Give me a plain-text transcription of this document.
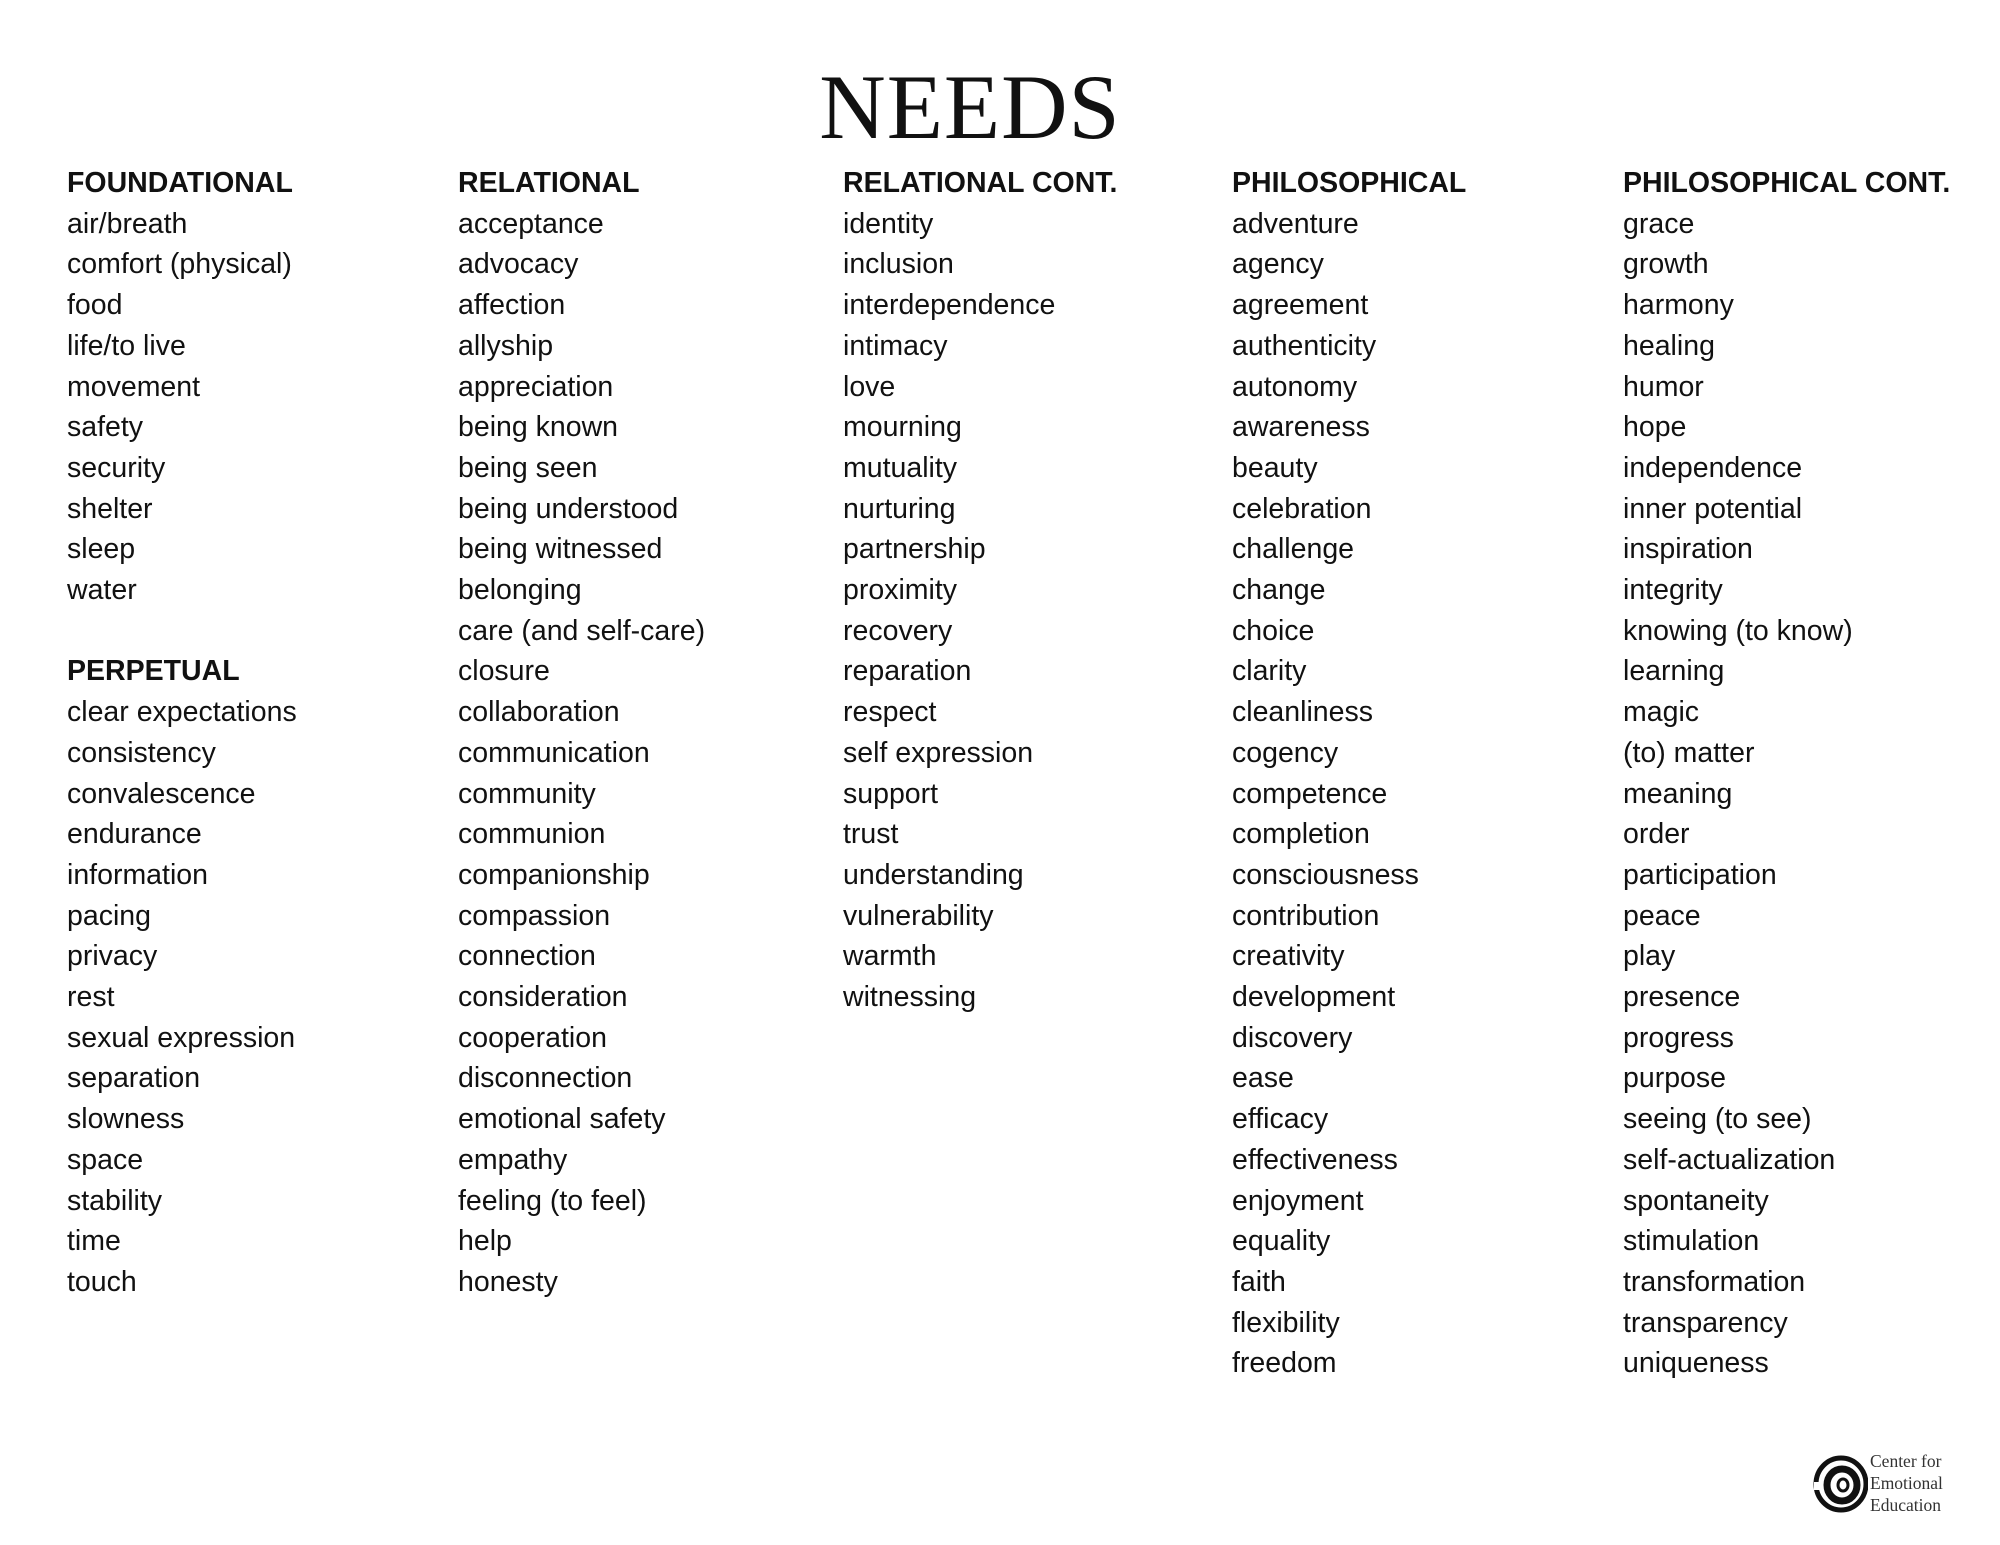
NEEDS
FOUNDATIONAL
air/breath
comfort (physical)
food
life/to live
movement
safety
security
shelter
sleep
water
PERPETUAL
clear expectations
consistency
convalescence
endurance
information
pacing
privacy
rest
sexual expression
separation
slowness
space
stability
time
touch
RELATIONAL
acceptance
advocacy
affection
allyship
appreciation
being known
being seen
being understood
being witnessed
belonging
care (and self-care)
closure
collaboration
communication
community
communion
companionship
compassion
connection
consideration
cooperation
disconnection
emotional safety
empathy
feeling (to feel)
help
honesty
RELATIONAL CONT.
identity
inclusion
interdependence
intimacy
love
mourning
mutuality
nurturing
partnership
proximity
recovery
reparation
respect
self expression
support
trust
understanding
vulnerability
warmth
witnessing
PHILOSOPHICAL
adventure
agency
agreement
authenticity
autonomy
awareness
beauty
celebration
challenge
change
choice
clarity
cleanliness
cogency
competence
completion
consciousness
contribution
creativity
development
discovery
ease
efficacy
effectiveness
enjoyment
equality
faith
flexibility
freedom
PHILOSOPHICAL CONT.
grace
growth
harmony
healing
humor
hope
independence
inner potential
inspiration
integrity
knowing (to know)
learning
magic
(to) matter
meaning
order
participation
peace
play
presence
progress
purpose
seeing (to see)
self-actualization
spontaneity
stimulation
transformation
transparency
uniqueness
Center for
Emotional
Education
